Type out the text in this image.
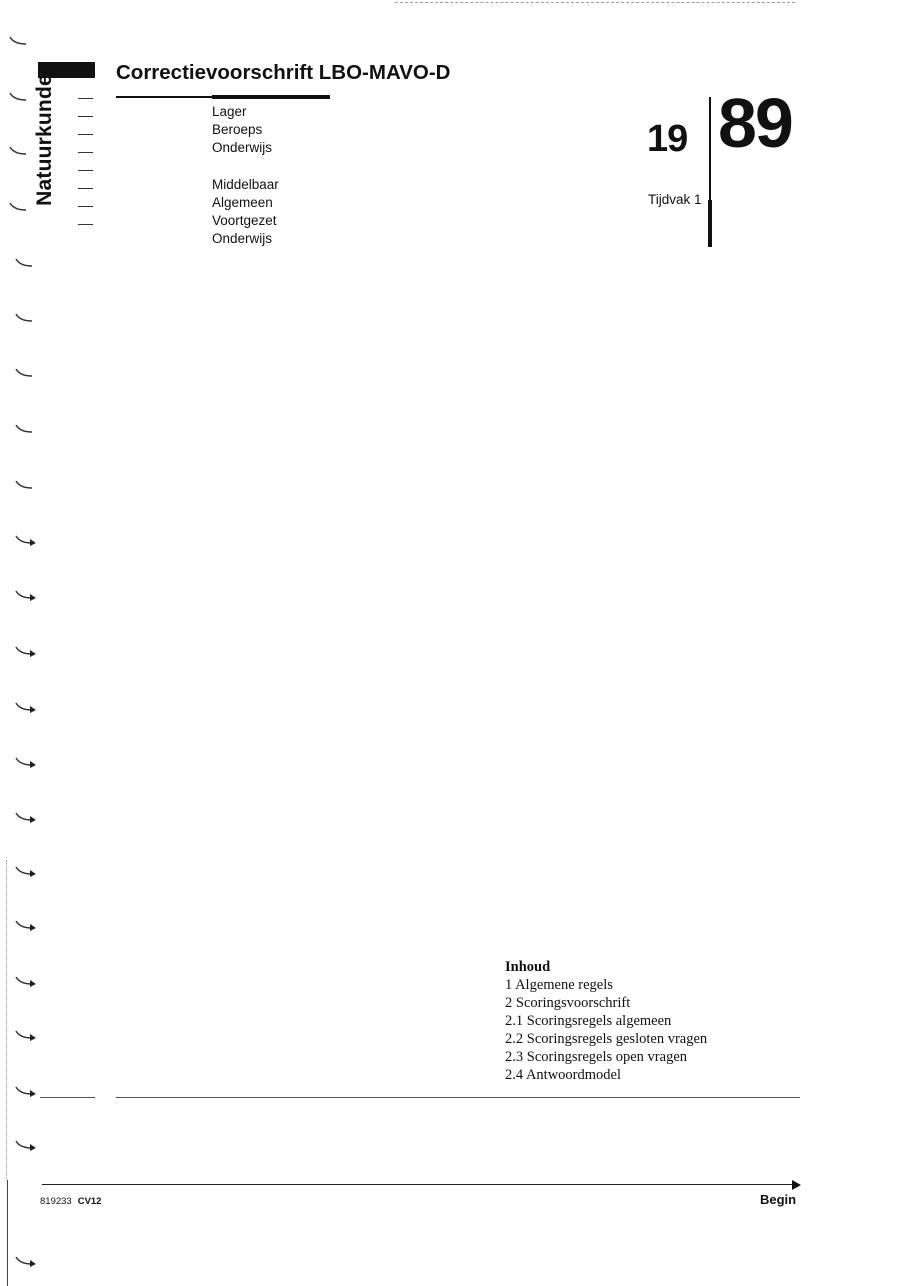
Natuurkunde
Correctievoorschrift LBO-MAVO-D
Lager
Beroeps
Onderwijs
Middelbaar
Algemeen
Voortgezet
Onderwijs
19 89
Tijdvak 1
Inhoud
1 Algemene regels
2 Scoringsvoorschrift
2.1 Scoringsregels algemeen
2.2 Scoringsregels gesloten vragen
2.3 Scoringsregels open vragen
2.4 Antwoordmodel
819233 CV12	Begin
